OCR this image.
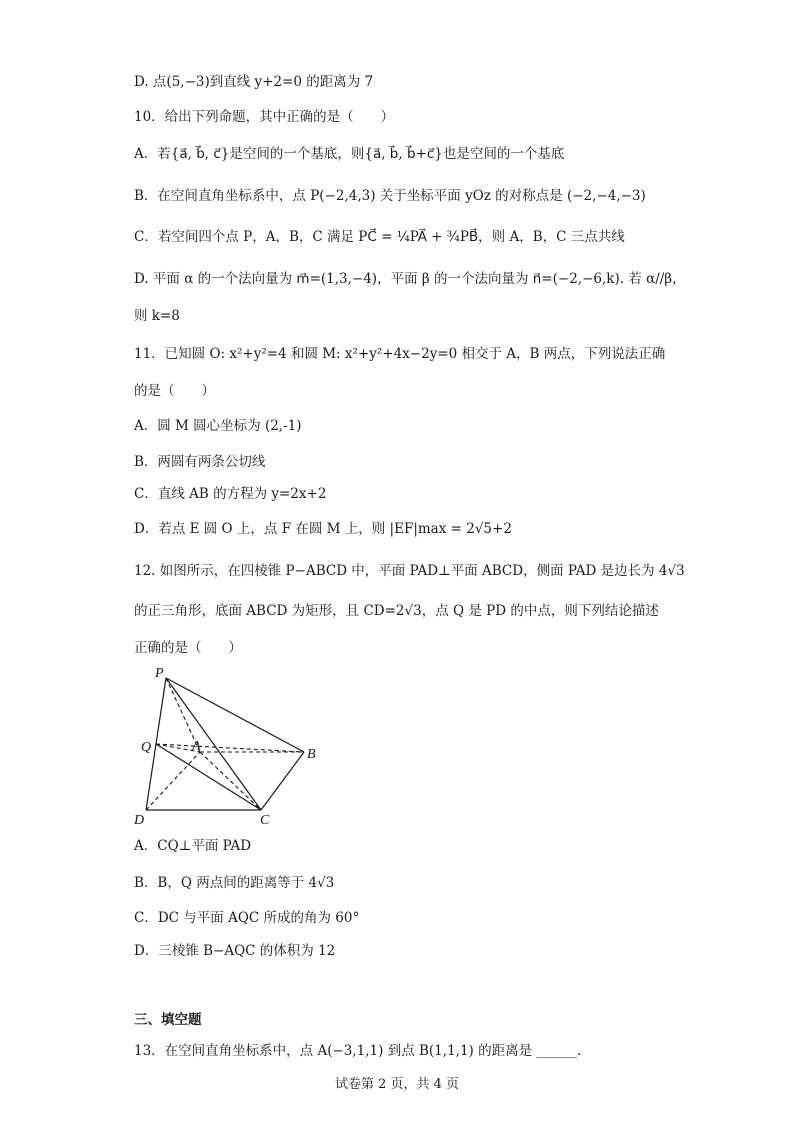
D. 点(5,−3)到直线 y+2=0 的距离为 7
10．给出下列命题，其中正确的是（　　）
A．若{a⃗, b⃗, c⃗}是空间的一个基底，则{a⃗, b⃗, b⃗+c⃗}也是空间的一个基底
B．在空间直角坐标系中，点 P(−2,4,3) 关于坐标平面 yOz 的对称点是 (−2,−4,−3)
C．若空间四个点 P，A，B，C 满足 PC⃗ = ¼PA⃗ + ¾PB⃗，则 A，B，C 三点共线
D. 平面 α 的一个法向量为 m⃗=(1,3,−4)，平面 β 的一个法向量为 n⃗=(−2,−6,k). 若 α//β，
则 k=8
11．已知圆 O: x²+y²=4 和圆 M: x²+y²+4x−2y=0 相交于 A，B 两点，下列说法正确
的是（　　）
A．圆 M 圆心坐标为 (2,-1)
B．两圆有两条公切线
C．直线 AB 的方程为 y=2x+2
D．若点 E 圆 O 上，点 F 在圆 M 上，则 |EF|max = 2√5+2
12. 如图所示，在四棱锥 P−ABCD 中，平面 PAD⊥平面 ABCD，侧面 PAD 是边长为 4√3
的正三角形，底面 ABCD 为矩形，且 CD=2√3，点 Q 是 PD 的中点，则下列结论描述
正确的是（　　）
P
Q	A
B
C
D
A．CQ⊥平面 PAD
B．B，Q 两点间的距离等于 4√3
C．DC 与平面 AQC 所成的角为 60°
D．三棱锥 B−AQC 的体积为 12
三、填空题
13．在空间直角坐标系中，点 A(−3,1,1) 到点 B(1,1,1) 的距离是 ______.
试卷第 2 页，共 4 页
